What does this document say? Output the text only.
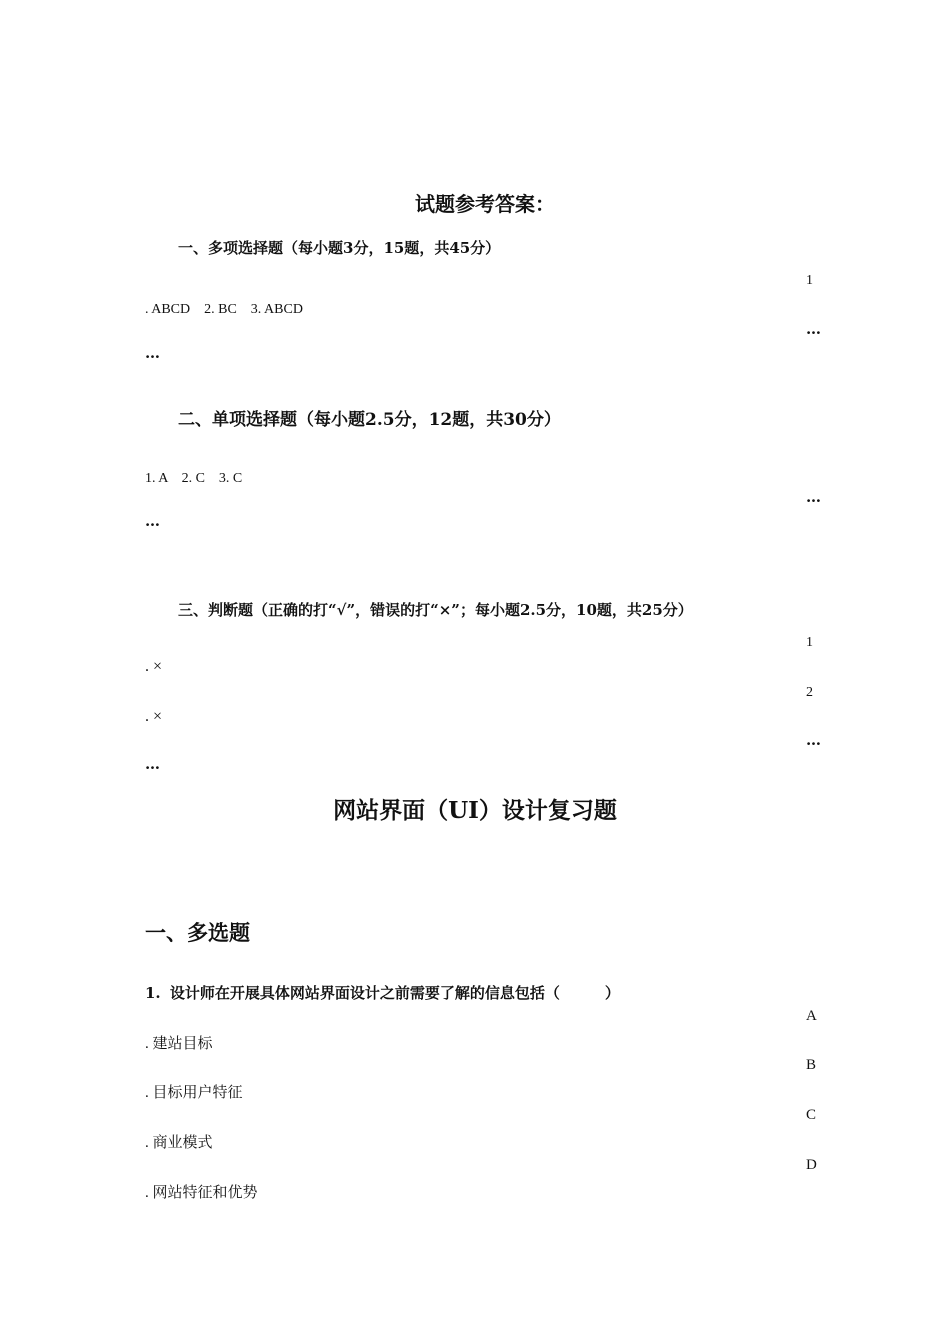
试题参考答案：
一、多项选择题（每小题3分，15题，共45分）
1
. ABCD　2. BC　3. ABCD
…
…
二、单项选择题（每小题2.5分，12题，共30分）
1. A　2. C　3. C
…
…
三、判断题（正确的打“√”，错误的打“×”；每小题2.5分，10题，共25分）
1
. ×
2
. ×
…
…
网站界面（UI）设计复习题
一、多选题
1. 设计师在开展具体网站界面设计之前需要了解的信息包括（　　　）
A
. 建站目标
B
. 目标用户特征
C
. 商业模式
D
. 网站特征和优势
